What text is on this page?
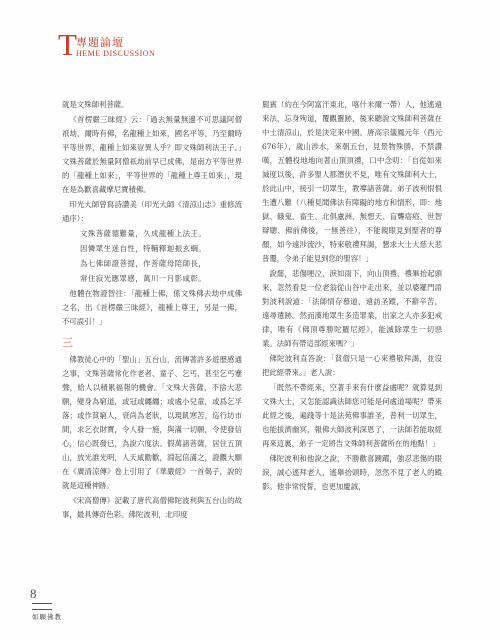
T 專題論壇
HEME DISCUSSION

就是文殊師利菩薩。

《首楞嚴三昧經》云：「過去無量無邊不可思議阿僧祇劫，爾時有佛，名龍種上如來，國名平等，乃至爾時平等世界，龍種上如來豈異人乎？即文殊師利法王子。」文殊菩薩於無量阿僧祇劫前早已成佛，是南方平等世界的「龍種上如來」，平等世界的「龍種上尊王如來」，現在是為歡喜藏摩尼寶積佛。

印光大師曾寫詩讚美（印光大師《清涼山志》重修流通序）：

文殊菩薩德難量，久成龍種上法王。

因憐眾生迷自性，特輔釋迦振玄綱。

為七佛師證菩提，作菩薩母陪師長，

常住寂光應眾感，萬川一月影咸彰。

他體在物證智往：「龍種上佛，係文殊佛去劫中成佛之名，出《首楞嚴三昧經》，龍種上尊王，另是一佛，不可誤引！」

三

佛教徒心中的「聖山」五台山，流傳著許多遊歷感通之事，文殊菩薩常化作老者、童子、乞丐，甚至乞丐蹇聲，給人以積累福報的機會。「文殊大菩薩，不捨大悲願，變身為窮道，或冠或纏纏；或處小兒童，或爲乞孚落；或作貧窮人，衰尚為老狀，以現飢寒苦，巡行坊市間，求乞衣財寶，令人發一施，與滿一切願，令使發信心，信心既發已，為說六度法。假萬諸菩薩，居住五頂山，放光誰光明，人天咸勸歡，淵起倍滿之，證觀大願在《廣清涼傳》卷上引用了《華嚴經》一首偈子，說的就是這種神跡。

《宋高僧傳》記載了唐代高僧佛陀波利與五台山的故事，最具傳奇色彩。佛陀波利，北印度

罽賓（約在今阿富汗東北，喀什米爾一帶）人，他遙遠來法，忘身殉道，覆觀靈跡，後來聽說文殊師利菩薩在中土清涼山，於是決定來中國。唐高宗儀鳳元年（西元676年），歲山涉水，來朝五台，見景物殊勝，不禁讚嘆，五體投地地向著山頂頂禮，口中念叨：「自從如來滅度以後，許多聖人都潛伏不見，唯有文殊師利大士，於此山中，接引一切眾生，教導諸菩薩。弟子波利恨恨生遭八難（八種見聞佛法有障礙的地方和情形，即：地獄、餓鬼、畜生、北俱盧洲、無想天、盲聾瘖瘂、世智辯聰、佛前佛後，一無善往），不能親眼見到聖者的尊顏，如今遠涉流沙，特來敬禮拜謁，懇求大士大慈大悲普覆，令弟子能見到您的聖容！」

說罷，悲傷哽泣，淚如雨下，向山頂禮，禮畢抬起頭來，忽然看見一位老翁從山谷中走出來，並以婆羅門語對波利說道：「法師情存慕道，遠訪圣蹤，不辭辛苦，遠尋遺跡。然而漢地眾生多造罪業，出家之人亦多犯戒律，唯有《佛頂尊勝陀羅尼經》，能滅除眾生一切惡業。法師有帶這部經來嗎？」

佛陀波利直答說：「貧僧只是一心來禮敬拜謁，並沒把此經帶來。」老人說：

「既然不帶經來，空著手來有什麼益處呢？就算見到文殊大士，又怎能認識法師您可能是何處道場呢？帶來此經之後，遍踐等十是法苑佛事誰圣，普利一切眾生，也能拔濟幽冥，報佛大師波利深恩了，一法師若能取經再來這裏，弟子一定將告文殊師利菩薩所在的地點！」

佛陀波利和他說之說，不勝歡喜踴躍，強忍悲傷的眼淚，誠心遙拜老人，遙舉抬頭時，忽然不見了老人的蹤影。他非常悅誓，也更加慶誠，

8
如願佛教
